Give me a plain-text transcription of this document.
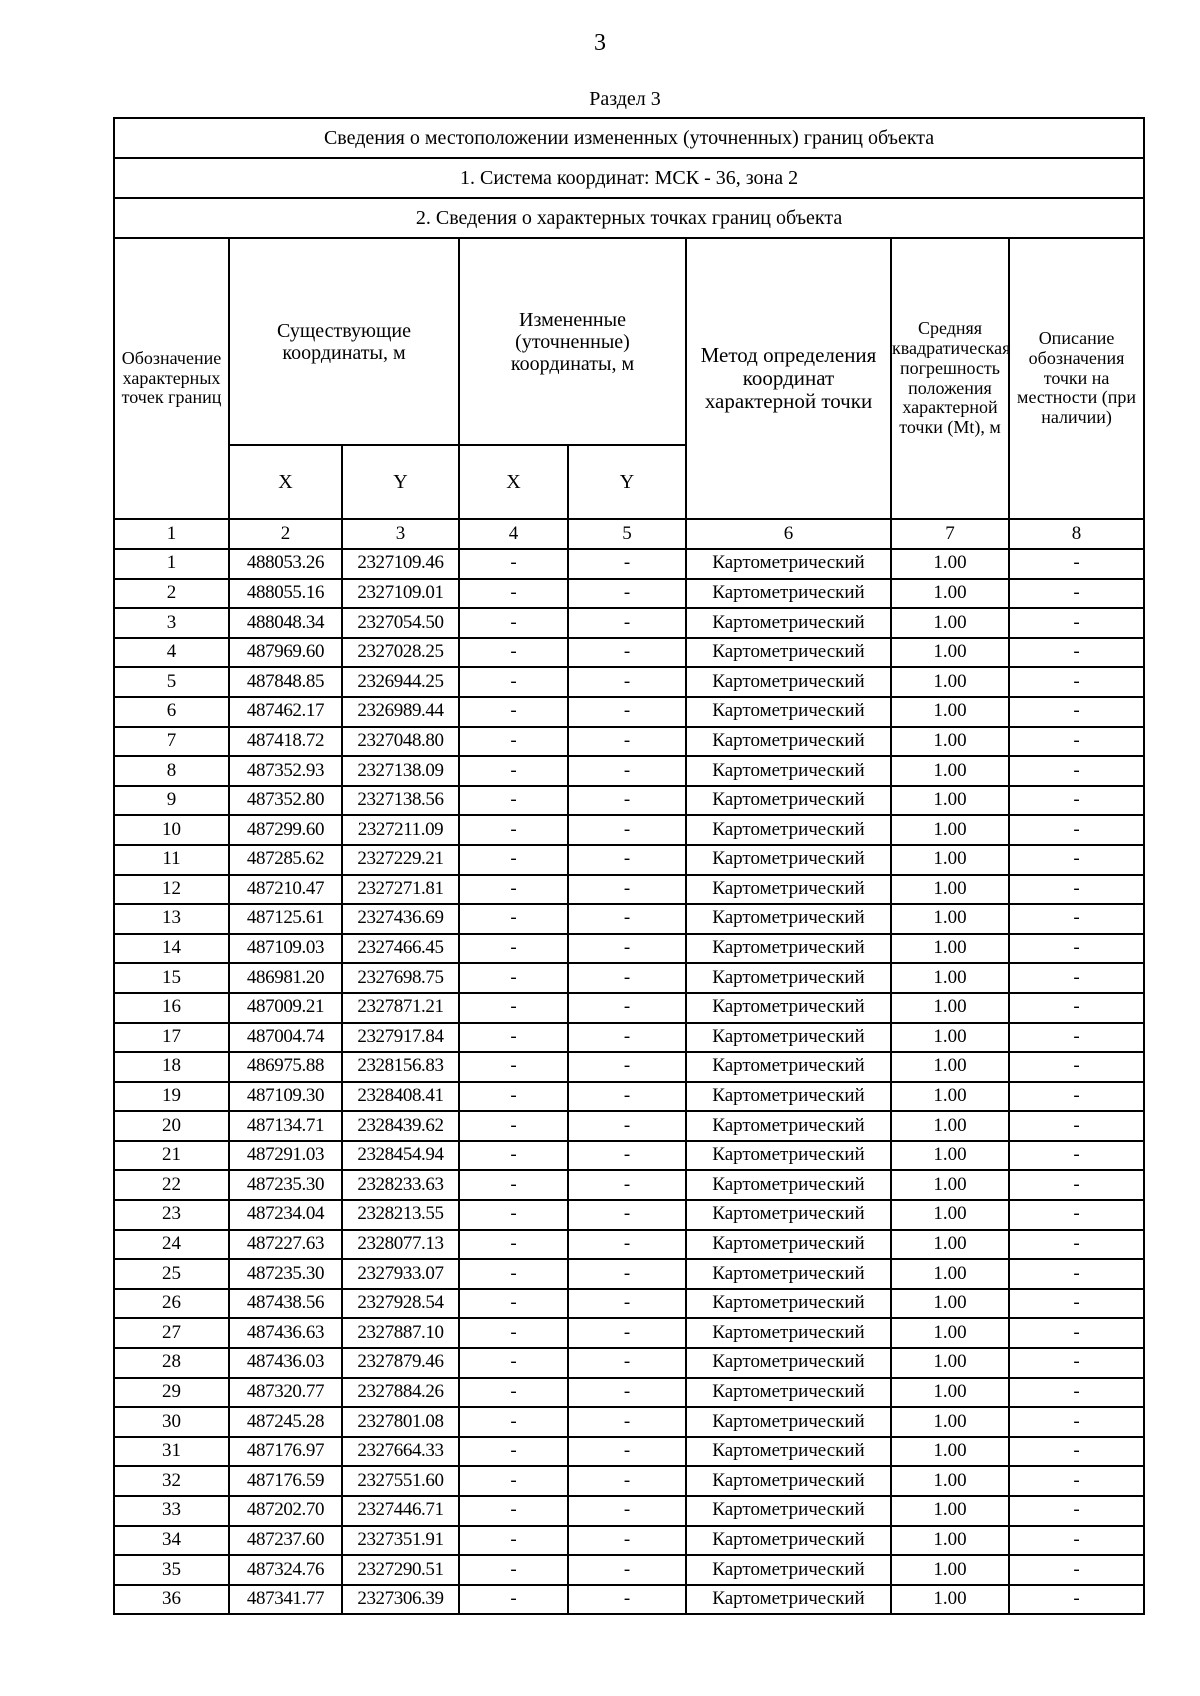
3
Раздел 3
Сведения о местоположении измененных (уточненных) границ объекта							
1. Система координат: МСК - 36, зона 2							
2. Сведения о характерных точках границ объекта							
Обозначение характерных точек границ	Существующие координаты, м		Измененные (уточненные) координаты, м		Метод определения координат характерной точки	Средняя квадратическая погрешность положения характерной точки (Mt), м	Описание обозначения точки на местности (при наличии)
	X	Y	X	Y			
1	2	3	4	5	6	7	8
1	488053.26	2327109.46	-	-	Картометрический	1.00	-
2	488055.16	2327109.01	-	-	Картометрический	1.00	-
3	488048.34	2327054.50	-	-	Картометрический	1.00	-
4	487969.60	2327028.25	-	-	Картометрический	1.00	-
5	487848.85	2326944.25	-	-	Картометрический	1.00	-
6	487462.17	2326989.44	-	-	Картометрический	1.00	-
7	487418.72	2327048.80	-	-	Картометрический	1.00	-
8	487352.93	2327138.09	-	-	Картометрический	1.00	-
9	487352.80	2327138.56	-	-	Картометрический	1.00	-
10	487299.60	2327211.09	-	-	Картометрический	1.00	-
11	487285.62	2327229.21	-	-	Картометрический	1.00	-
12	487210.47	2327271.81	-	-	Картометрический	1.00	-
13	487125.61	2327436.69	-	-	Картометрический	1.00	-
14	487109.03	2327466.45	-	-	Картометрический	1.00	-
15	486981.20	2327698.75	-	-	Картометрический	1.00	-
16	487009.21	2327871.21	-	-	Картометрический	1.00	-
17	487004.74	2327917.84	-	-	Картометрический	1.00	-
18	486975.88	2328156.83	-	-	Картометрический	1.00	-
19	487109.30	2328408.41	-	-	Картометрический	1.00	-
20	487134.71	2328439.62	-	-	Картометрический	1.00	-
21	487291.03	2328454.94	-	-	Картометрический	1.00	-
22	487235.30	2328233.63	-	-	Картометрический	1.00	-
23	487234.04	2328213.55	-	-	Картометрический	1.00	-
24	487227.63	2328077.13	-	-	Картометрический	1.00	-
25	487235.30	2327933.07	-	-	Картометрический	1.00	-
26	487438.56	2327928.54	-	-	Картометрический	1.00	-
27	487436.63	2327887.10	-	-	Картометрический	1.00	-
28	487436.03	2327879.46	-	-	Картометрический	1.00	-
29	487320.77	2327884.26	-	-	Картометрический	1.00	-
30	487245.28	2327801.08	-	-	Картометрический	1.00	-
31	487176.97	2327664.33	-	-	Картометрический	1.00	-
32	487176.59	2327551.60	-	-	Картометрический	1.00	-
33	487202.70	2327446.71	-	-	Картометрический	1.00	-
34	487237.60	2327351.91	-	-	Картометрический	1.00	-
35	487324.76	2327290.51	-	-	Картометрический	1.00	-
36	487341.77	2327306.39	-	-	Картометрический	1.00	-
